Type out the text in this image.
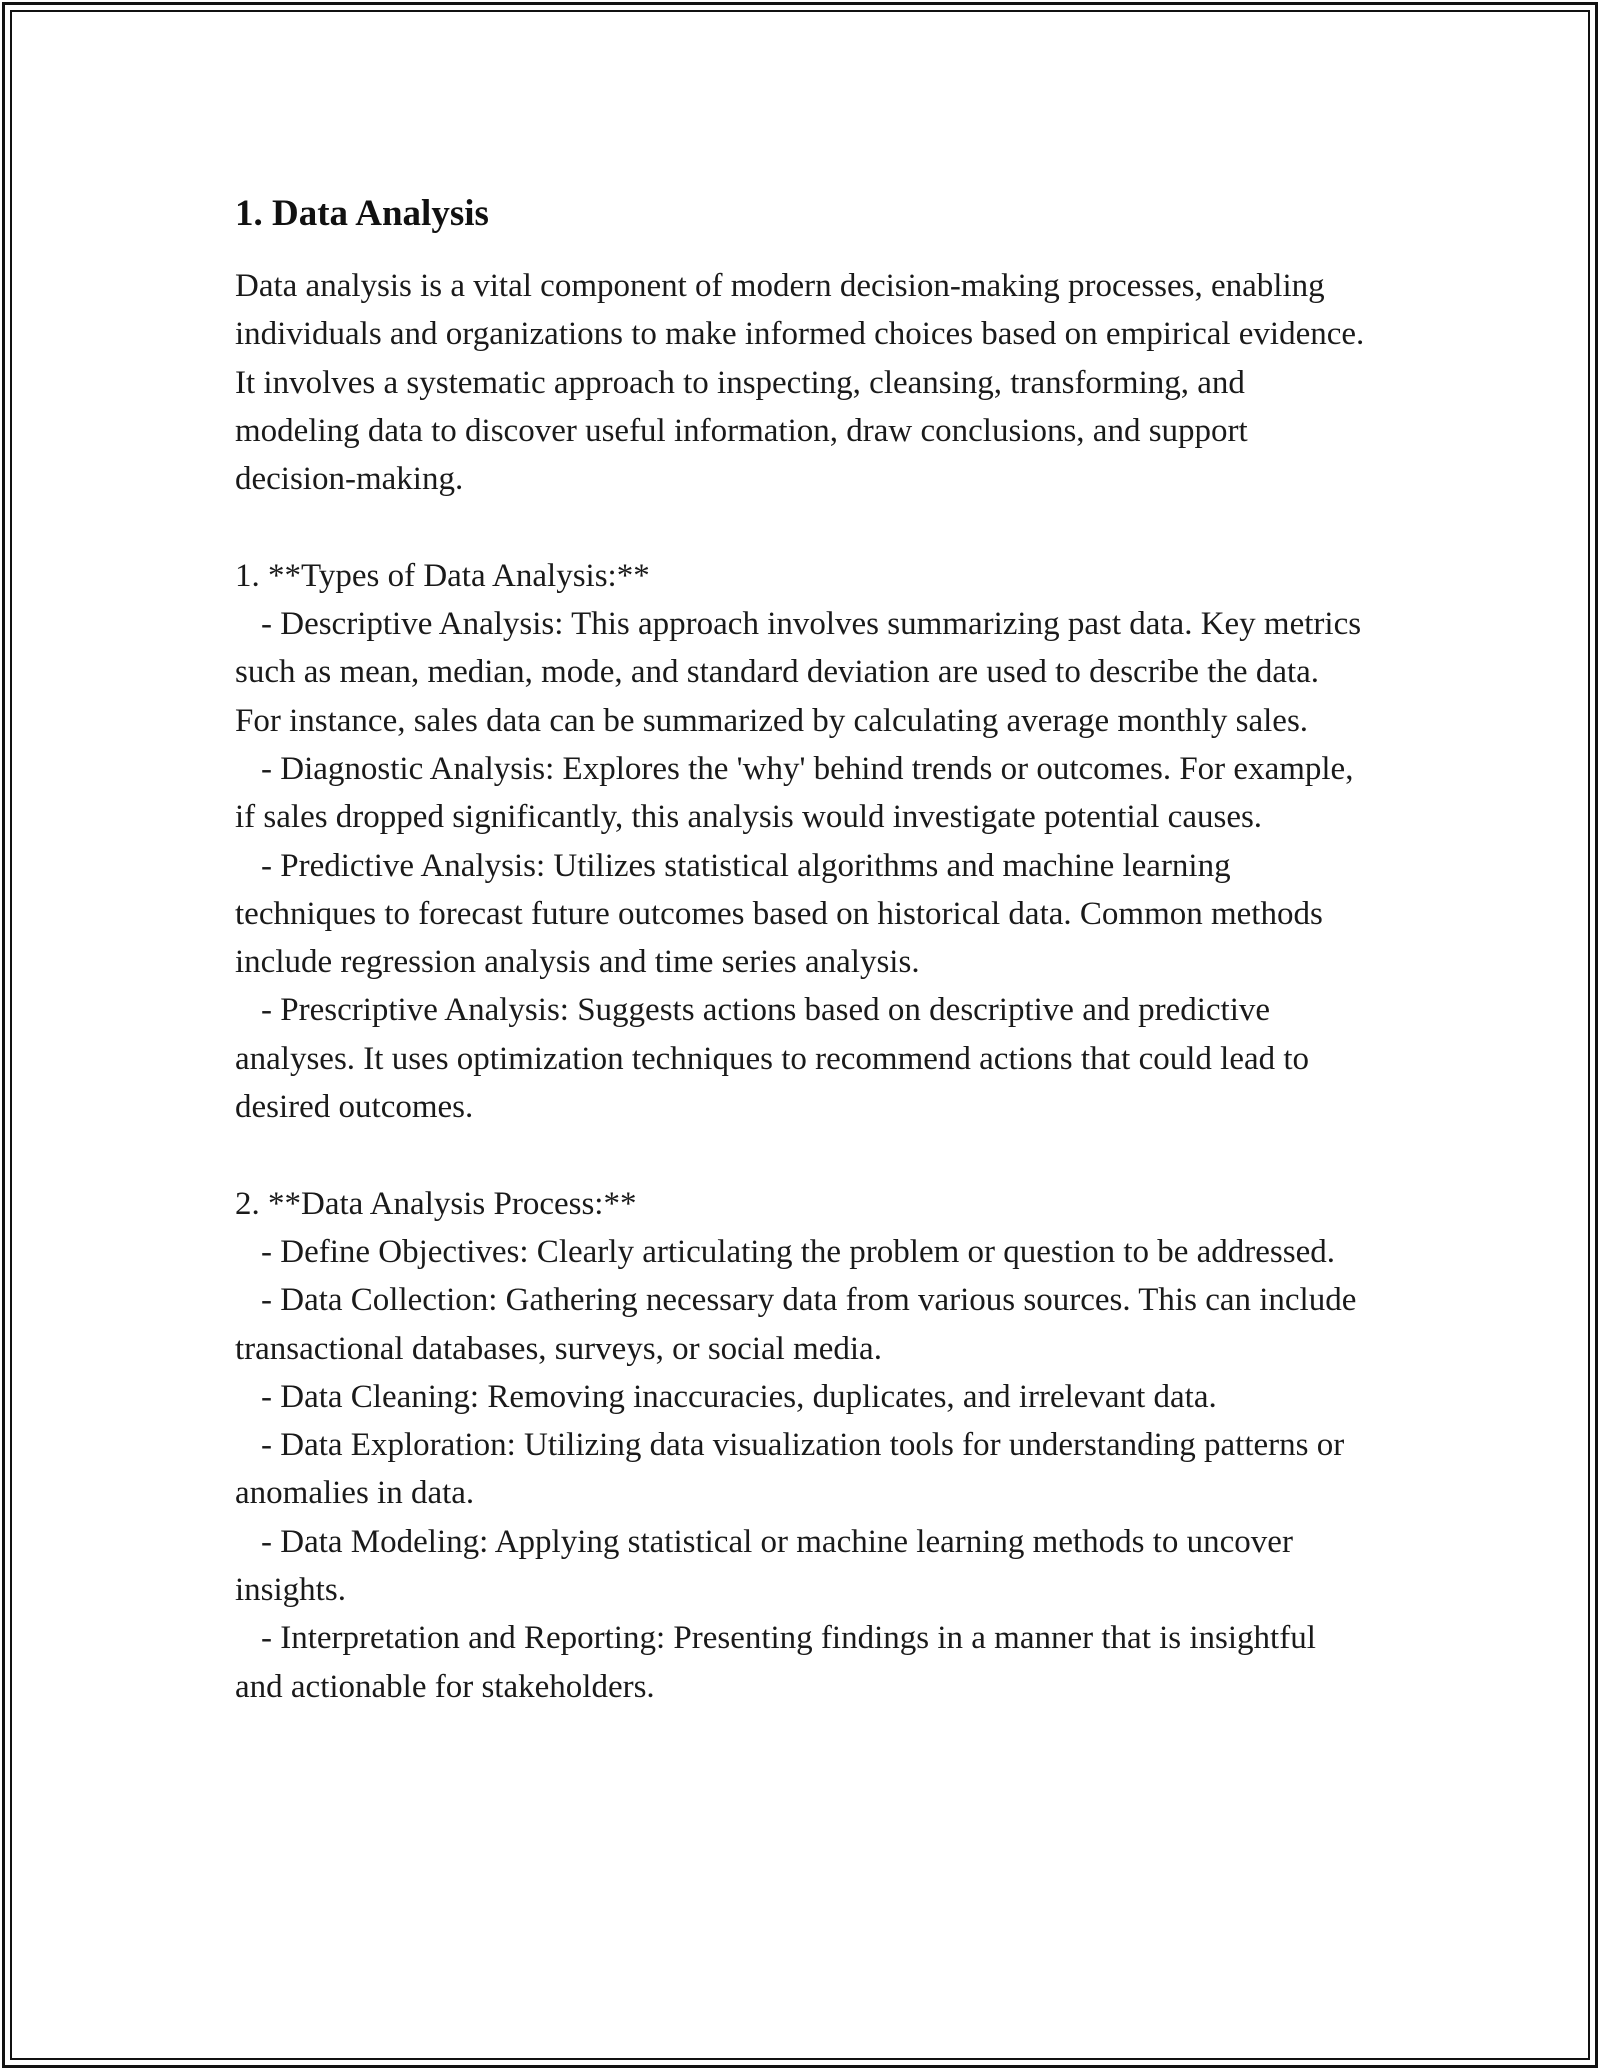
1. Data Analysis

Data analysis is a vital component of modern decision-making processes, enabling individuals and organizations to make informed choices based on empirical evidence. It involves a systematic approach to inspecting, cleansing, transforming, and modeling data to discover useful information, draw conclusions, and support decision-making.

1. **Types of Data Analysis:**

- Descriptive Analysis: This approach involves summarizing past data. Key metrics such as mean, median, mode, and standard deviation are used to describe the data. For instance, sales data can be summarized by calculating average monthly sales.

- Diagnostic Analysis: Explores the 'why' behind trends or outcomes. For example, if sales dropped significantly, this analysis would investigate potential causes.

- Predictive Analysis: Utilizes statistical algorithms and machine learning techniques to forecast future outcomes based on historical data. Common methods include regression analysis and time series analysis.

- Prescriptive Analysis: Suggests actions based on descriptive and predictive analyses. It uses optimization techniques to recommend actions that could lead to desired outcomes.

2. **Data Analysis Process:**

- Define Objectives: Clearly articulating the problem or question to be addressed.

- Data Collection: Gathering necessary data from various sources. This can include transactional databases, surveys, or social media.

- Data Cleaning: Removing inaccuracies, duplicates, and irrelevant data.

- Data Exploration: Utilizing data visualization tools for understanding patterns or anomalies in data.

- Data Modeling: Applying statistical or machine learning methods to uncover insights.

- Interpretation and Reporting: Presenting findings in a manner that is insightful and actionable for stakeholders.
